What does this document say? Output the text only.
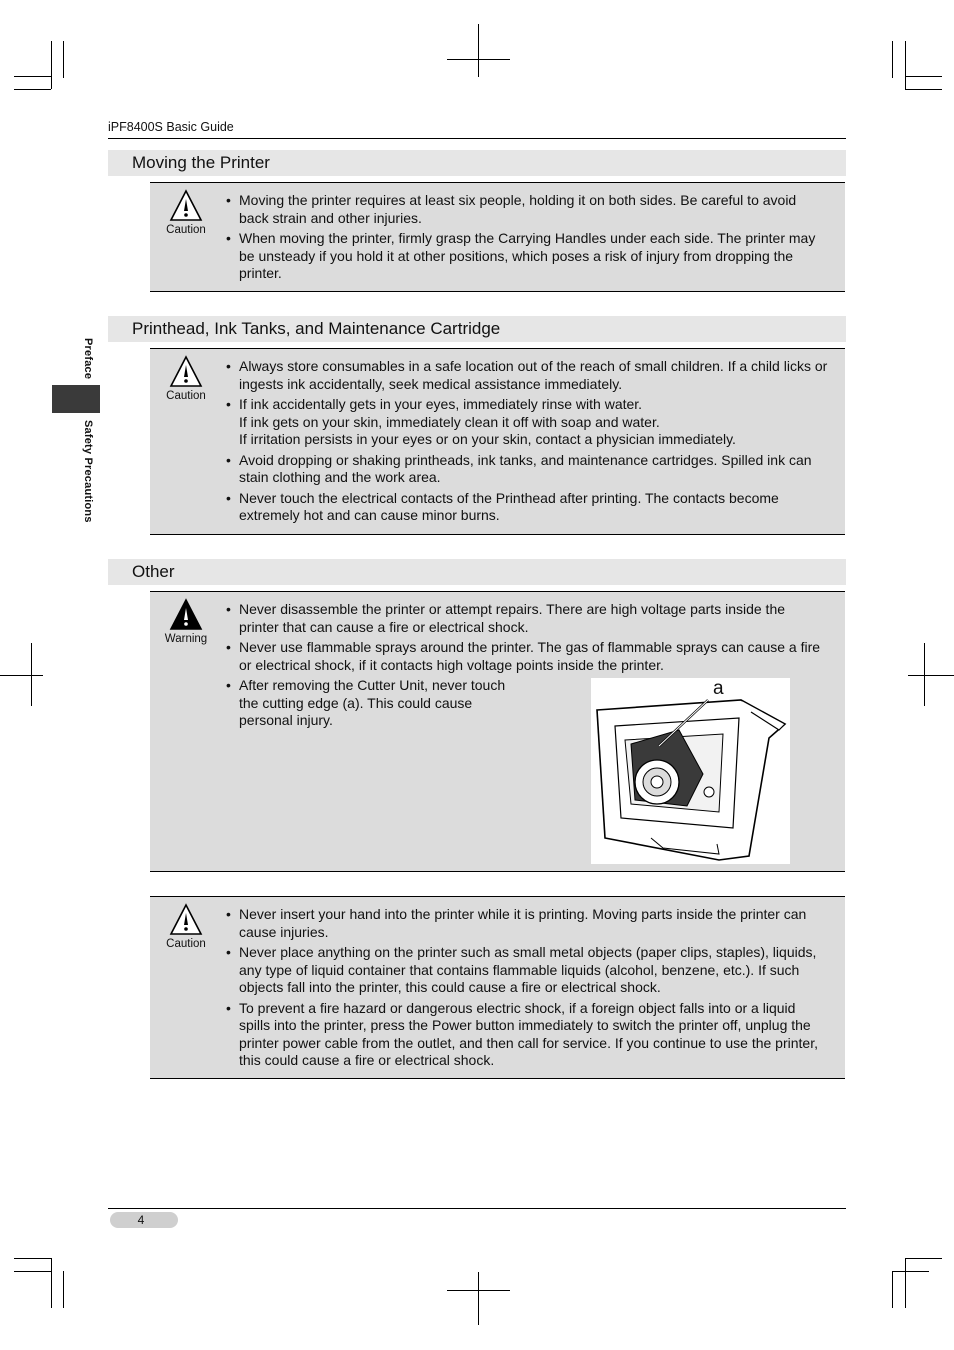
iPF8400S Basic Guide
Preface
Safety Precautions
Moving the Printer
Caution
• Moving the printer requires at least six people, holding it on both sides. Be careful to avoid
back strain and other injuries.
• When moving the printer, firmly grasp the Carrying Handles under each side. The printer may
be unsteady if you hold it at other positions, which poses a risk of injury from dropping the
printer.
Printhead, Ink Tanks, and Maintenance Cartridge
Caution
• Always store consumables in a safe location out of the reach of small children. If a child licks or
ingests ink accidentally, seek medical assistance immediately.
• If ink accidentally gets in your eyes, immediately rinse with water.
If ink gets on your skin, immediately clean it off with soap and water.
If irritation persists in your eyes or on your skin, contact a physician immediately.
• Avoid dropping or shaking printheads, ink tanks, and maintenance cartridges. Spilled ink can
stain clothing and the work area.
• Never touch the electrical contacts of the Printhead after printing. The contacts become
extremely hot and can cause minor burns.
Other
Warning
• Never disassemble the printer or attempt repairs. There are high voltage parts inside the
printer that can cause a fire or electrical shock.
• Never use flammable sprays around the printer. The gas of flammable sprays can cause a fire
or electrical shock, if it contacts high voltage points inside the printer.
• After removing the Cutter Unit, never touch
the cutting edge (a). This could cause
personal injury.
a
Caution
• Never insert your hand into the printer while it is printing. Moving parts inside the printer can
cause injuries.
• Never place anything on the printer such as small metal objects (paper clips, staples), liquids,
any type of liquid container that contains flammable liquids (alcohol, benzene, etc.). If such
objects fall into the printer, this could cause a fire or electrical shock.
• To prevent a fire hazard or dangerous electric shock, if a foreign object falls into or a liquid
spills into the printer, press the Power button immediately to switch the printer off, unplug the
printer power cable from the outlet, and then call for service. If you continue to use the printer,
this could cause a fire or electrical shock.
4
